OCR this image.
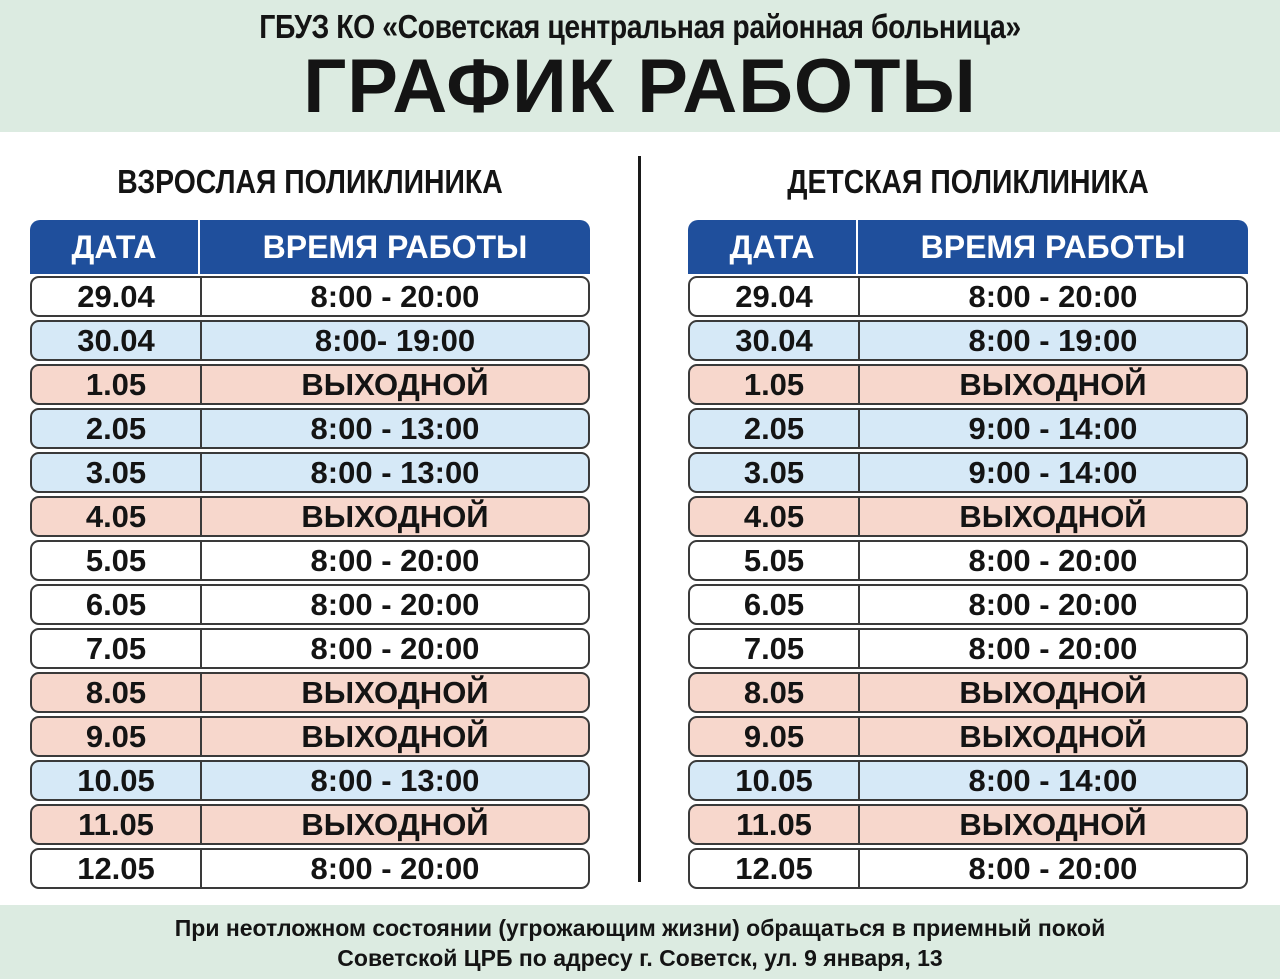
ГБУЗ КО «Советская центральная районная больница»
ГРАФИК РАБОТЫ
ВЗРОСЛАЯ ПОЛИКЛИНИКА	ДЕТСКАЯ ПОЛИКЛИНИКА
ДАТА	ВРЕМЯ РАБОТЫ
29.04	8:00 - 20:00
30.04	8:00- 19:00
1.05	ВЫХОДНОЙ
2.05	8:00 - 13:00
3.05	8:00 - 13:00
4.05	ВЫХОДНОЙ
5.05	8:00 - 20:00
6.05	8:00 - 20:00
7.05	8:00 - 20:00
8.05	ВЫХОДНОЙ
9.05	ВЫХОДНОЙ
10.05	8:00 - 13:00
11.05	ВЫХОДНОЙ
12.05	8:00 - 20:00
ДАТА	ВРЕМЯ РАБОТЫ
29.04	8:00 - 20:00
30.04	8:00 - 19:00
1.05	ВЫХОДНОЙ
2.05	9:00 - 14:00
3.05	9:00 - 14:00
4.05	ВЫХОДНОЙ
5.05	8:00 - 20:00
6.05	8:00 - 20:00
7.05	8:00 - 20:00
8.05	ВЫХОДНОЙ
9.05	ВЫХОДНОЙ
10.05	8:00 - 14:00
11.05	ВЫХОДНОЙ
12.05	8:00 - 20:00
При неотложном состоянии (угрожающим жизни) обращаться в приемный покой
Советской ЦРБ по адресу г. Советск, ул. 9 января, 13
